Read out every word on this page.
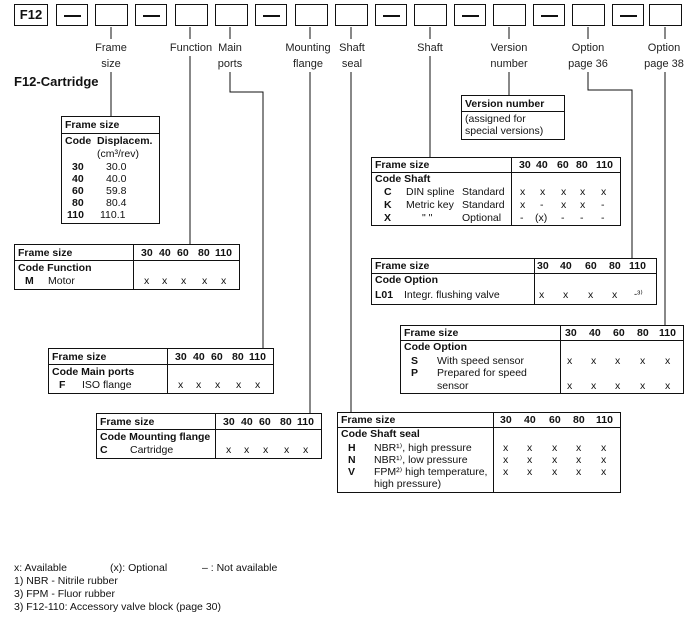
F12
Frame
size
Function Main
ports
Mounting
flange
Shaft
seal
Shaft	Version
number
Option
page 36
Option
page 38
F12-Cartridge
Frame size
Code Displacem.
(cm³/rev)
30 30.0
40 40.0
60 59.8
80 80.4
110 110.1
Frame size	30 40 60 80 110
Code Function
M Motor	x x x x x
Frame size	30 40 60 80 110
Code Main ports
F ISO flange	x x x x x
Frame size	30 40 60 80 110
Code Mounting flange
C Cartridge	x x x x x
Version number
(assigned for
special versions)
Frame size	30 40 60 80 110
Code Shaft
C DIN spline Standard x x x x x
K Metric key Standard x - x x -
X	" "	Optional - (x) - - -
Frame size	30 40 60 80 110
Code Option
L01 Integr. flushing valve	x x x x -³⁾
Frame size	30 40 60 80 110
Code Option
S With speed sensor	x x x x x
P Prepared for speed
sensor	x x x x x
Frame size	30 40 60 80 110
Code Shaft seal
H NBR¹⁾, high pressure	x x x x x
N NBR¹⁾, low pressure	x x x x x
V FPM²⁾ high temperature,
high pressure)
x x x x x
x: Available	(x): Optional	– : Not available
1) NBR - Nitrile rubber
3) FPM - Fluor rubber
3) F12-110: Accessory valve block (page 30)
